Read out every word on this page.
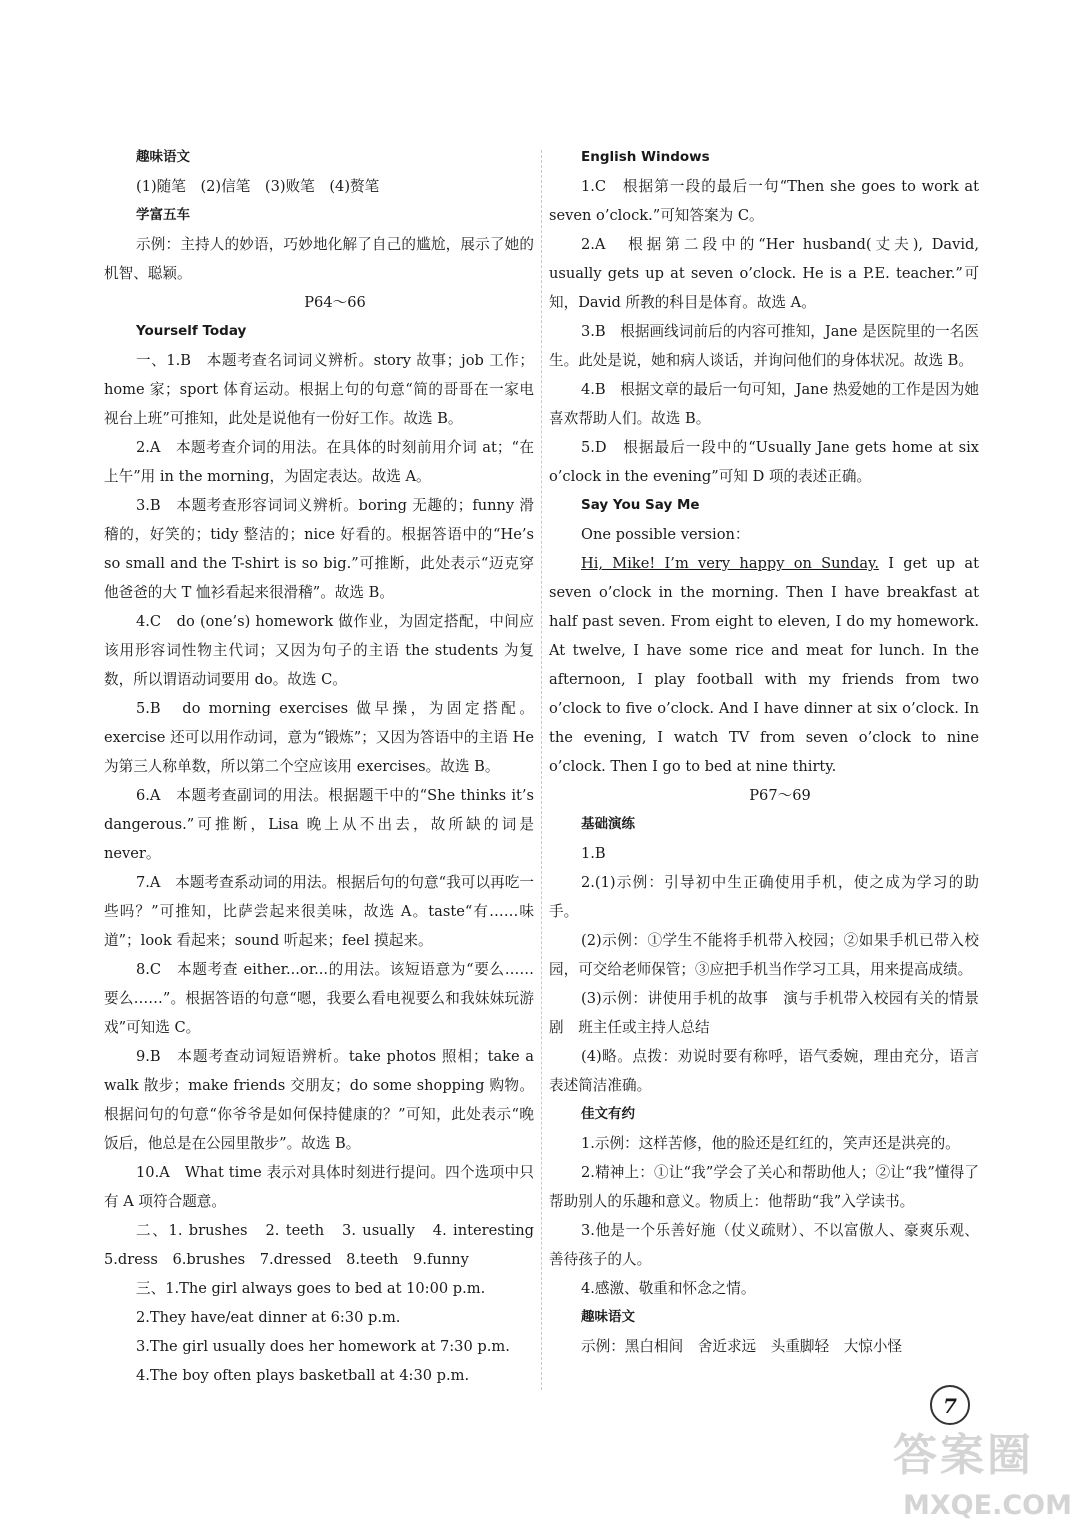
趣味语文
(1)随笔　(2)信笔　(3)败笔　(4)赘笔
学富五车
示例：主持人的妙语，巧妙地化解了自己的尴尬，展示了她的机智、聪颖。
P64～66
Yourself Today
一、1.B　本题考查名词词义辨析。story 故事；job 工作；home 家；sport 体育运动。根据上句的句意“简的哥哥在一家电视台上班”可推知，此处是说他有一份好工作。故选 B。
2.A　本题考查介词的用法。在具体的时刻前用介词 at；“在上午”用 in the morning，为固定表达。故选 A。
3.B　本题考查形容词词义辨析。boring 无趣的；funny 滑稽的，好笑的；tidy 整洁的；nice 好看的。根据答语中的“He’s so small and the T-shirt is so big.”可推断，此处表示“迈克穿他爸爸的大 T 恤衫看起来很滑稽”。故选 B。
4.C　do (one’s) homework 做作业，为固定搭配，中间应该用形容词性物主代词；又因为句子的主语 the students 为复数，所以谓语动词要用 do。故选 C。
5.B　do morning exercises 做早操，为固定搭配。exercise 还可以用作动词，意为“锻炼”；又因为答语中的主语 He 为第三人称单数，所以第二个空应该用 exercises。故选 B。
6.A　本题考查副词的用法。根据题干中的“She thinks it’s dangerous.”可推断，Lisa 晚上从不出去，故所缺的词是 never。
7.A　本题考查系动词的用法。根据后句的句意“我可以再吃一些吗？”可推知，比萨尝起来很美味，故选 A。taste“有……味道”；look 看起来；sound 听起来；feel 摸起来。
8.C　本题考查 either...or...的用法。该短语意为“要么……要么……”。根据答语的句意“嗯，我要么看电视要么和我妹妹玩游戏”可知选 C。
9.B　本题考查动词短语辨析。take photos 照相；take a walk 散步；make friends 交朋友；do some shopping 购物。根据问句的句意“你爷爷是如何保持健康的？”可知，此处表示“晚饭后，他总是在公园里散步”。故选 B。
10.A　What time 表示对具体时刻进行提问。四个选项中只有 A 项符合题意。
二、1. brushes　2. teeth　3. usually　4. interesting 5.dress　6.brushes　7.dressed　8.teeth　9.funny
三、1.The girl always goes to bed at 10:00 p.m.
2.They have/eat dinner at 6:30 p.m.
3.The girl usually does her homework at 7:30 p.m.
4.The boy often plays basketball at 4:30 p.m.
English Windows
1.C　根据第一段的最后一句“Then she goes to work at seven o’clock.”可知答案为 C。
2.A　根据第二段中的“Her husband(丈夫), David, usually gets up at seven o’clock. He is a P.E. teacher.”可知，David 所教的科目是体育。故选 A。
3.B　根据画线词前后的内容可推知，Jane 是医院里的一名医生。此处是说，她和病人谈话，并询问他们的身体状况。故选 B。
4.B　根据文章的最后一句可知，Jane 热爱她的工作是因为她喜欢帮助人们。故选 B。
5.D　根据最后一段中的“Usually Jane gets home at six o’clock in the evening”可知 D 项的表述正确。
Say You Say Me
One possible version：
Hi, Mike! I’m very happy on Sunday. I get up at seven o’clock in the morning. Then I have breakfast at half past seven. From eight to eleven, I do my homework. At twelve, I have some rice and meat for lunch. In the afternoon, I play football with my friends from two o’clock to five o’clock. And I have dinner at six o’clock. In the evening, I watch TV from seven o’clock to nine o’clock. Then I go to bed at nine thirty.
P67～69
基础演练
1.B
2.(1)示例：引导初中生正确使用手机，使之成为学习的助手。
(2)示例：①学生不能将手机带入校园；②如果手机已带入校园，可交给老师保管；③应把手机当作学习工具，用来提高成绩。
(3)示例：讲使用手机的故事　演与手机带入校园有关的情景剧　班主任或主持人总结
(4)略。点拨：劝说时要有称呼，语气委婉，理由充分，语言表述简洁准确。
佳文有约
1.示例：这样苦修，他的脸还是红红的，笑声还是洪亮的。
2.精神上：①让“我”学会了关心和帮助他人；②让“我”懂得了帮助别人的乐趣和意义。物质上：他帮助“我”入学读书。
3.他是一个乐善好施（仗义疏财）、不以富傲人、豪爽乐观、善待孩子的人。
4.感激、敬重和怀念之情。
趣味语文
示例：黑白相间　舍近求远　头重脚轻　大惊小怪
7
答案圈
MXQE.COM
